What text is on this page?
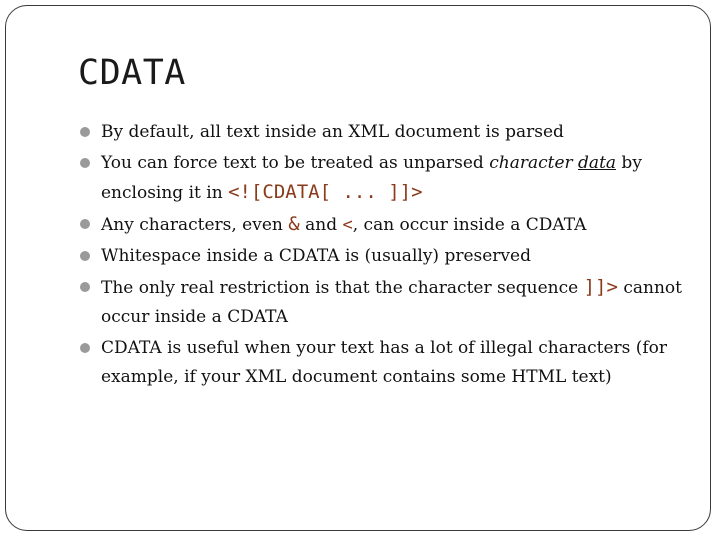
CDATA
By default, all text inside an XML document is parsed
You can force text to be treated as unparsed character data by enclosing it in <![CDATA[ ... ]]>
Any characters, even & and <, can occur inside a CDATA
Whitespace inside a CDATA is (usually) preserved
The only real restriction is that the character sequence ]]> cannot occur inside a CDATA
CDATA is useful when your text has a lot of illegal characters (for example, if your XML document contains some HTML text)
